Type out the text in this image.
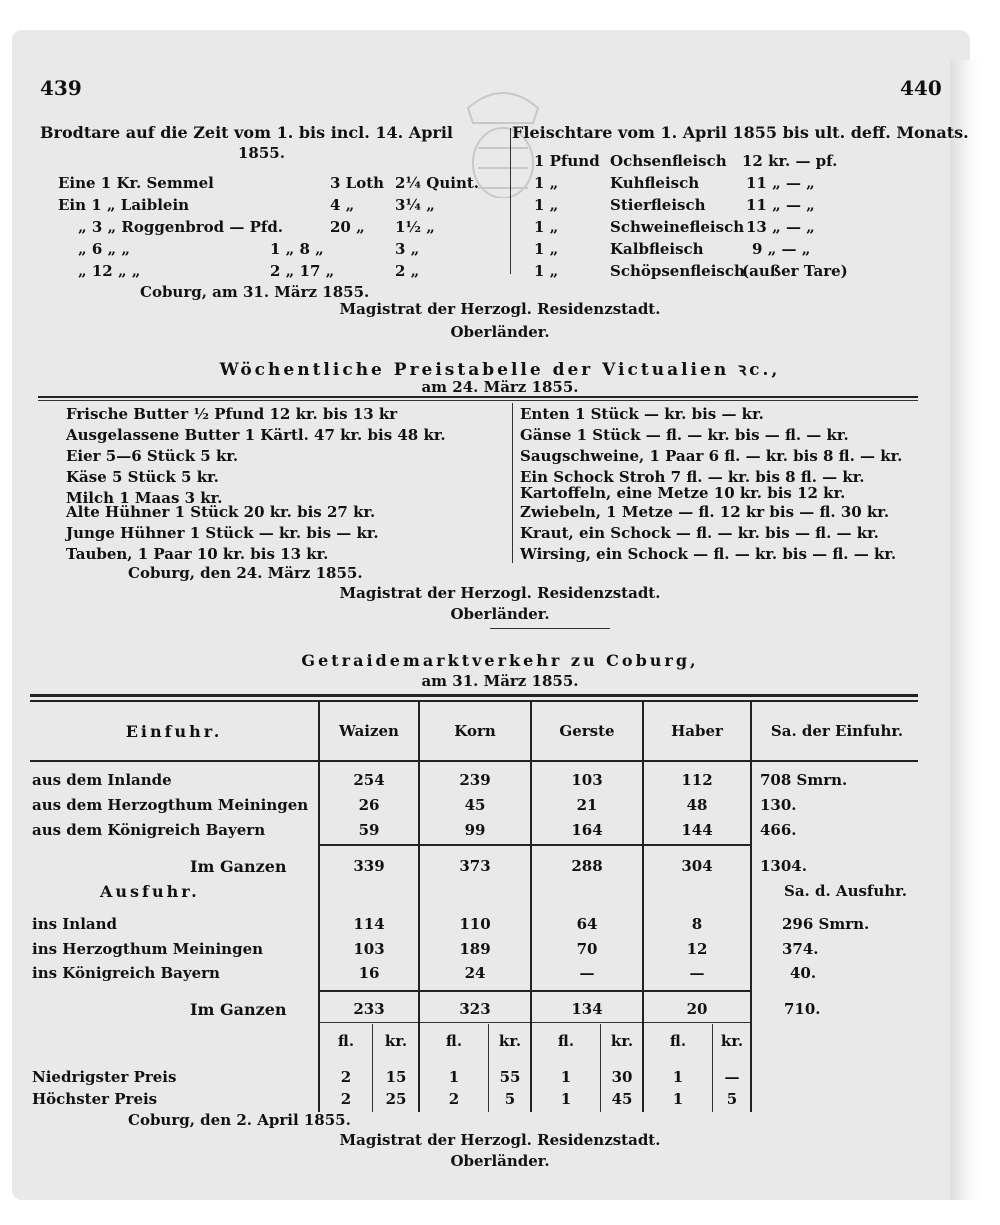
439	440
Brodtare auf die Zeit vom 1. bis incl. 14. April
1855.
Eine 1 Kr. Semmel	3 Loth 2¼ Quint.
Ein 1 „ Laiblein	4 „	3¼ „
„ 3 „ Roggenbrod — Pfd.	20 „ 1½ „
„ 6 „ „	1 „ 8 „	3 „
„ 12 „ „	2 „ 17 „	2 „
Coburg, am 31. März 1855.
Fleischtare vom 1. April 1855 bis ult. deff. Monats.
Magistrat der Herzogl. Residenzstadt.
Oberländer.
Wöchentliche Preistabelle der Victualien ꝛc.,
am 24. März 1855.
Frische Butter ½ Pfund 12 kr. bis 13 kr
Ausgelassene Butter 1 Kärtl. 47 kr. bis 48 kr.
Eier 5—6 Stück 5 kr.
Käse 5 Stück 5 kr.
Milch 1 Maas 3 kr.
Alte Hühner 1 Stück 20 kr. bis 27 kr.
Junge Hühner 1 Stück — kr. bis — kr.
Tauben, 1 Paar 10 kr. bis 13 kr.
Enten 1 Stück — kr. bis — kr.
Gänse 1 Stück — fl. — kr. bis — fl. — kr.
Saugschweine, 1 Paar 6 fl. — kr. bis 8 fl. — kr.
Ein Schock Stroh 7 fl. — kr. bis 8 fl. — kr.
Kartoffeln, eine Metze 10 kr. bis 12 kr.
Zwiebeln, 1 Metze — fl. 12 kr bis — fl. 30 kr.
Kraut, ein Schock — fl. — kr. bis — fl. — kr.
Wirsing, ein Schock — fl. — kr. bis — fl. — kr.
Coburg, den 24. März 1855.
Magistrat der Herzogl. Residenzstadt.
Oberländer.
Getraidemarktverkehr zu Coburg,
am 31. März 1855.
Einfuhr.	Waizen	Korn	Gerste	Haber	Sa. der Einfuhr.
aus dem Inlande	254	239	103	112	708 Smrn.
aus dem Herzogthum Meiningen	26	45	21	48	130.
aus dem Königreich Bayern	59	99	164	144	466.
Im Ganzen	339	373	288	304	1304.
Ausfuhr.	Sa. d. Ausfuhr.
ins Inland	114	110	64	8	296 Smrn.
ins Herzogthum Meiningen	103	189	70	12	374.
ins Königreich Bayern	16	24	—	—	40.
Im Ganzen	233	323	134	20	710.
fl.	kr.	fl.	kr.	fl.	kr.	fl.	kr.
Niedrigster Preis	2	15	1	55	1	30	1	—
Höchster Preis	2	25	2	5	1	45	1	5
Coburg, den 2. April 1855.
Magistrat der Herzogl. Residenzstadt.
Oberländer.
1 Pfund Ochsenfleisch 12 kr. — pf.
1 „	Kuhfleisch	11 „ — „
1 „	Stierfleisch	11 „ — „
1 „	Schweinefleisch 13 „ — „
1 „	Kalbfleisch	9 „ — „
1 „	Schöpsenfleisch
(außer Tare)
